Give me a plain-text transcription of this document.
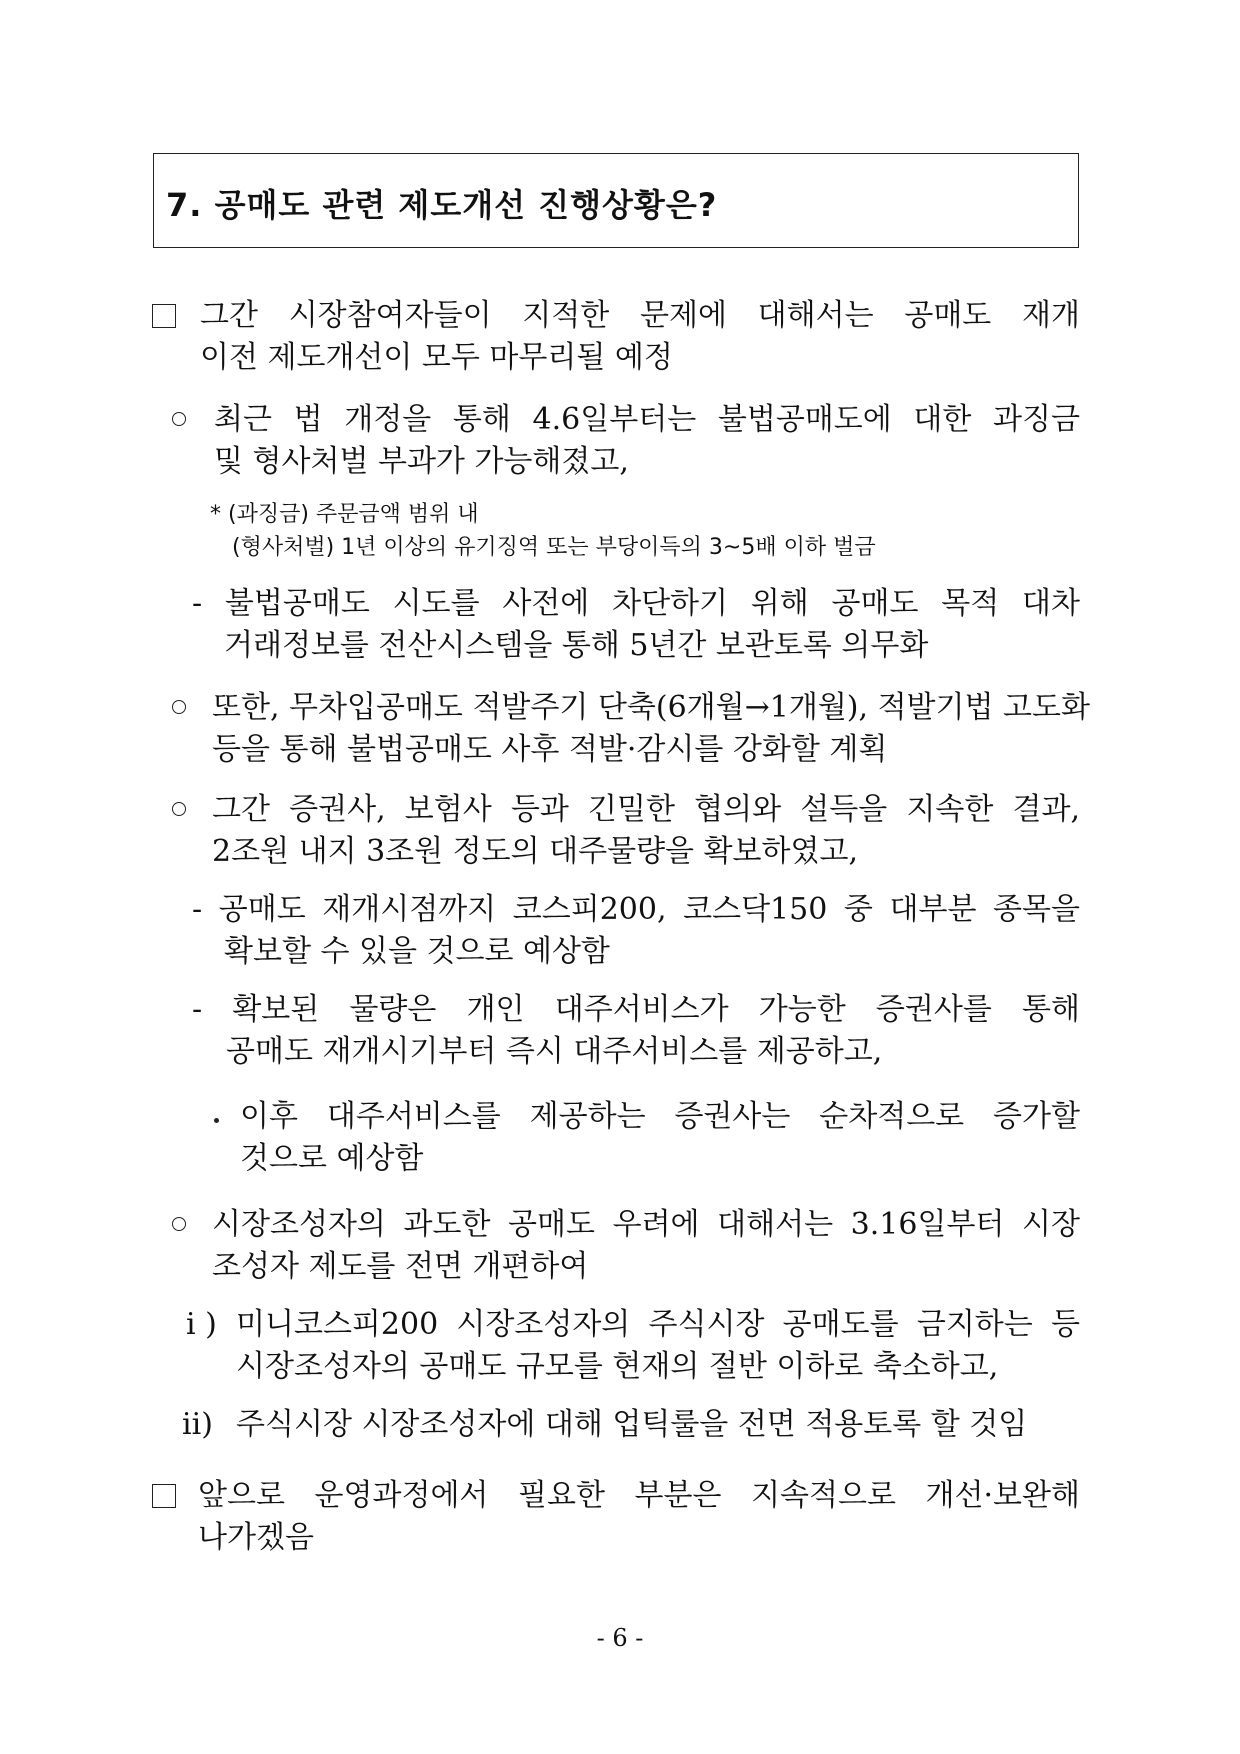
7. 공매도 관련 제도개선 진행상황은?
그간 시장참여자들이 지적한 문제에 대해서는 공매도 재개
이전 제도개선이 모두 마무리될 예정
최근 법 개정을 통해 4.6일부터는 불법공매도에 대한 과징금
및 형사처벌 부과가 가능해졌고,
* (과징금) 주문금액 범위 내
(형사처벌) 1년 이상의 유기징역 또는 부당이득의 3~5배 이하 벌금
- 불법공매도 시도를 사전에 차단하기 위해 공매도 목적 대차
거래정보를 전산시스템을 통해 5년간 보관토록 의무화
또한, 무차입공매도 적발주기 단축(6개월→1개월), 적발기법 고도화
등을 통해 불법공매도 사후 적발·감시를 강화할 계획
그간 증권사, 보험사 등과 긴밀한 협의와 설득을 지속한 결과,
2조원 내지 3조원 정도의 대주물량을 확보하였고,
- 공매도 재개시점까지 코스피200, 코스닥150 중 대부분 종목을
확보할 수 있을 것으로 예상함
- 확보된 물량은 개인 대주서비스가 가능한 증권사를 통해
공매도 재개시기부터 즉시 대주서비스를 제공하고,
이후 대주서비스를 제공하는 증권사는 순차적으로 증가할
것으로 예상함
시장조성자의 과도한 공매도 우려에 대해서는 3.16일부터 시장
조성자 제도를 전면 개편하여
i ) 미니코스피200 시장조성자의 주식시장 공매도를 금지하는 등
시장조성자의 공매도 규모를 현재의 절반 이하로 축소하고,
ii) 주식시장 시장조성자에 대해 업틱룰을 전면 적용토록 할 것임
앞으로 운영과정에서 필요한 부분은 지속적으로 개선·보완해
나가겠음
- 6 -
